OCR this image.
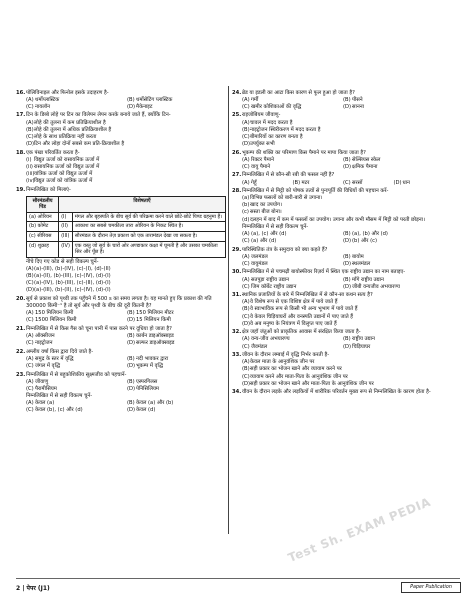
16. पोलिविनाइल और फिनोल इसके उदाहरण है-
(A) थर्मोप्लास्टिक	(B) थर्मोसेटिंग प्लास्टिक
(C) नायलॉन	(D) मैकेनाइट
17. टिन के डिब्बे लोहे पर टिन का विलेपन लेपन करके बनाये जाते हैं, क्योंकि टिन-
(A) लोहे की तुलना में कम प्रतिक्रियाशील है
(B) लोहे की तुलना में अधिक प्रतिक्रियाशील है
(C) लोहे के साथ प्रतिक्रिया नहीं करता
(D) टिन और लोहा दोनों सबसे कम प्रति-क्रियाशील है
18. एक पंखा परिवर्तित करता है-
(i) विद्युत ऊर्जा को रासायनिक ऊर्जा में
(ii) रासायनिक ऊर्जा को विद्युत ऊर्जा में
(iii) यांत्रिक ऊर्जा को विद्युत ऊर्जा में
(iv) विद्युत ऊर्जा को यांत्रिक ऊर्जा में
19. निम्नलिखित को मिलाएं-
सौरमंडलीय पिंड	विशेषताएँ	
(a) ओरियन	(I)	मंगल और बृहस्पति के बीच सूर्य की परिक्रमा करने वाले छोटे-छोटे पिण्ड ग्रहनुमा हैं।
(b) कोमेट	(II)	आकाश का सबसे चमकीला तारा ओरियन के निकट स्थित है।
(c) सीरियस	(III)	सौरमंडल के दौरान तेज़ प्रकाश को एक तारामंडल देखा जा सकता है।
(d) शुक्राह	(IV)	एक वस्तु जो सूर्य के चारों ओर अण्डाकार कक्षा में घूमती है और उसका चमकीला सिर और पूँछ है।
नीचे दिए गए कोड से सही विकल्प चुनें-
(A) (a)-(III), (b)-(IV), (c)-(I), (d)-(II)
(B) (a)-(II), (b)-(III), (c)-(IV), (d)-(I)
(C) (a)-(IV), (b)-(III), (c)-(II), (d)-(I)
(D) (a)-(III), (b)-(II), (c)-(IV), (d)-(I)
20. सूर्य से प्रकाश को पृथ्वी तक पहुँचने में 500 s का समय लगता है। यह मानते हुए कि प्रकाश की गति 300000 किमी⁻¹ है तो सूर्य और पृथ्वी के बीच की दूरी कितनी है?
(A) 150 मिलियन किमी	(B) 150 मिलियन मीटर
(C) 1500 मिलियन किमी	(D) 15 मिलियन किमी
21. निम्नलिखित में से किस गैस को चूना पानी में पास करने पर दूधिया हो जाता है?
(A) ऑक्सीजन	(B) कार्बन डाइऑक्साइड
(C) नाइट्रोजन	(D) सल्फर डाइऑक्साइड
22. अम्लीय वर्षा किस द्वारा दिये जाते है-
(A) समुद्र के स्तर में वृद्धि	(B) नदी भावकर द्वारा
(C) जंगल में वृद्धि	(D) भूकम्प में वृद्धि
23. निम्नलिखित में से बहुकोशिकीय सूक्ष्मजीव को पहचानें-
(A) जीवाणु	(B) एस्परगिलस
(C) पैरामीसियम	(D) पेनिसिलियम
निम्नलिखित में से सही विकल्प चुनें-
(A) केवल (a)	(B) केवल (a) और (b)
(C) केवल (b), (c) और (d)	(D) केवल (d)
24. ब्रेड या इडली का आटा किस कारण से फूल हुआ हो जाता है?
(A) गर्मी	(B) पीसने
(C) खमीर कोशिकाओं की वृद्धि	(D) सानना
25. राइजोबियम जीवाणु-
(A) चावल में मदद करता है
(B) नाइट्रोजन स्थिरीकरण में मदद करता है
(C) बीमारियों का कारण बनता है
(D) उपर्युक्त सभी
26. भूकम्प की शक्ति का परिमाण किस पैमाने पर मापा किया जाता है?
(A) रिक्टर पैमाने	(B) सेल्सियस स्केल
(C) वायु पैमाने	(D) क्षमिक पैमाना
27. निम्नलिखित में से कौन-सी रबी की फसल नहीं है?
(A) गेहूँ	(B) मटर	(C) सरसों	(D) धान
28. निम्नलिखित में से मिट्टी को पोषक तत्वों से पुनःपूर्ति की विधियों की पहचान करें-
(a) विभिन्न फसलों को बारी-बारी से उगाना।
(b) खाद का उपयोग।
(c) सस्ता बीज बोना।
(d) दलहन में बाद में कम में फसलों का उपयोग। उगाना और कभी मौसम में मिट्टी को परती छोड़ना।
निम्नलिखित में से सही विकल्प चुनें-
(A) (a), (c) और (d)	(B) (a), (b) और (d)
(C) (a) और (d)	(D) (b) और (c)
29. पारिस्थितिक तंत्र के समुदाय को क्या कहते हैं?
(A) जलमंडल	(B) बायोम
(C) वायुमंडल	(D) स्थलमंडल
30. निम्नलिखित में से पचमढ़ी बायोस्फीयर रिज़र्व में स्थित एक राष्ट्रीय उद्यान का नाम बताइए-
(A) सतपुड़ा राष्ट्रीय उद्यान	(B) माँगे राष्ट्रीय उद्यान
(C) जिम कॉर्बेट राष्ट्रीय उद्यान	(D) जीबी वन्यजीव अभयारण्य
31. स्थानिक प्रजातियों के बारे में निम्नलिखित में से कौन-सा कथन सत्य है?
(A) वे विशेष रूप से एक विशिष्ट क्षेत्र में पाये जाते हैं
(B) वे स्वाभाविक रूप से किसी भी अन्य भूभाग में पाये जाते हैं
(C) वे केवल चिड़ियाघरों और वनस्पति उद्यानों में पाए जाते हैं
(D) वे अब मनुष्य के नियंत्रण में विलुप्त पाए जाते हैं
32. क्षेत्र जहाँ जंतुओं को प्राकृतिक आवास में संरक्षित किया जाता है-
(A) वन्य-जीव अभयारण्य	(B) राष्ट्रीय उद्यान
(C) जैवमंडल	(D) चिड़ियाघर
33. जीवन के दौरान लम्बाई में वृद्धि निर्भर करती है-
(A) केवल माता के आनुवंशिक जीन पर
(B) सही प्रकार का भोजन खाने और व्यायाम करने पर
(C) व्यायाम करने और माता-पिता के आनुवंशिक जीन पर
(D) सही प्रकार का भोजन खाने और माता-पिता के आनुवंशिक जीन पर
34. यौवन के दौरान लड़के और लड़कियों में शारीरिक परिवर्तन मुख्य रूप से निम्नलिखित के कारण होता है-
Test Sh. EXAM PEDIA
2 | पेपर (J1)	Paper Publication
